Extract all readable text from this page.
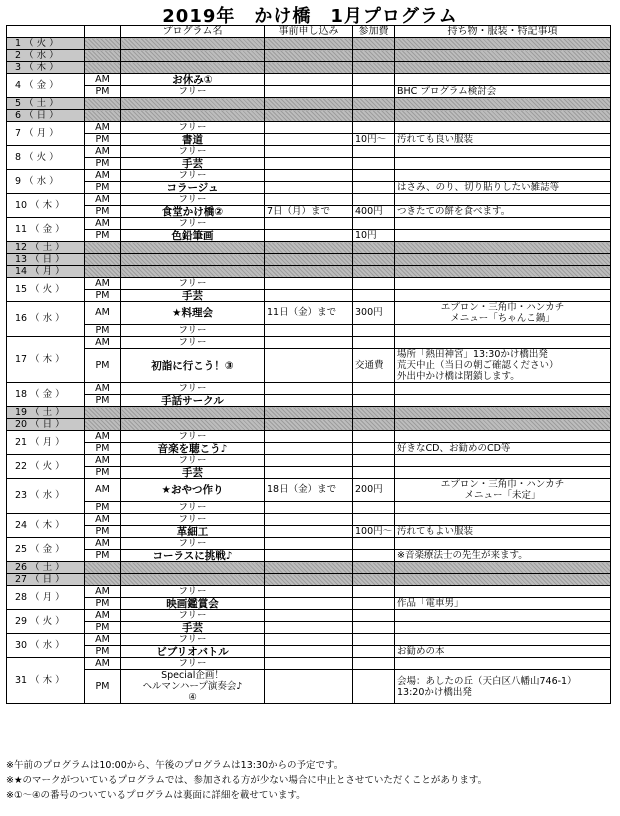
2019年　かけ橋　1月プログラム
		プログラム名	事前申し込み	参加費	持ち物・服装・特記事項
1 （ 火 ）					
2 （ 水 ）					
3 （ 木 ）					
4 （ 金 ）	AM	お休み①			
	PM	フリー			BHC プログラム検討会
5 （ 土 ）					
6 （ 日 ）					
7 （ 月 ）	AM	フリー			
	PM	書道		10円～	汚れても良い服装
8 （ 火 ）	AM	フリー			
	PM	手芸			
9 （ 水 ）	AM	フリー			
	PM	コラージュ			はさみ、のり、切り貼りしたい雑誌等
10 （ 木 ）	AM	フリー			
	PM	食堂かけ橋②	7日（月）まで	400円	つきたての餅を食べます。
11 （ 金 ）	AM	フリー			
	PM	色鉛筆画		10円	
12 （ 土 ）					
13 （ 日 ）					
14 （ 月 ）					
15 （ 火 ）	AM	フリー			
	PM	手芸			
16 （ 水 ）	AM	★料理会	11日（金）まで	300円	エプロン・三角巾・ハンカチ
メニュー「ちゃんこ鍋」
	PM	フリー			
17 （ 木 ）	AM	フリー			
	PM	初詣に行こう！③		交通費	場所「熱田神宮」13:30かけ橋出発
荒天中止（当日の朝ご確認ください）
外出中かけ橋は閉鎖します。
18 （ 金 ）	AM	フリー			
	PM	手話サークル			
19 （ 土 ）					
20 （ 日 ）					
21 （ 月 ）	AM	フリー			
	PM	音楽を聴こう♪			好きなCD、お勧めのCD等
22 （ 火 ）	AM	フリー			
	PM	手芸			
23 （ 水 ）	AM	★おやつ作り	18日（金）まで	200円	エプロン・三角巾・ハンカチ
メニュー「未定」
	PM	フリー			
24 （ 木 ）	AM	フリー			
	PM	革細工		100円～	汚れてもよい服装
25 （ 金 ）	AM	フリー			
	PM	コーラスに挑戦♪			※音楽療法士の先生が来ます。
26 （ 土 ）					
27 （ 日 ）					
28 （ 月 ）	AM	フリー			
	PM	映画鑑賞会			作品「電車男」
29 （ 火 ）	AM	フリー			
	PM	手芸			
30 （ 水 ）	AM	フリー			
	PM	ビブリオバトル			お勧めの本
31 （ 木 ）	AM	フリー			
	PM	Special企画！
ヘルマンハープ演奏会♪
④			会場：あしたの丘（天白区八幡山746-1）
13:20かけ橋出発
※午前のプログラムは10:00から、午後のプログラムは13:30からの予定です。
※★のマークがついているプログラムでは、参加される方が少ない場合に中止とさせていただくことがあります。
※①～④の番号のついているプログラムは裏面に詳細を載せています。
